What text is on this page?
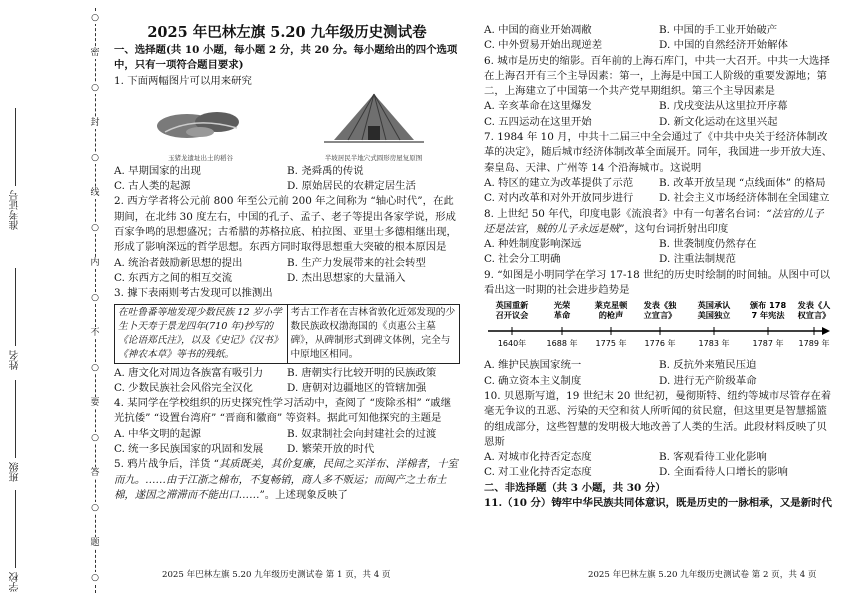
○
密
○
封
○
线
○
内
○
不
○
要
○
答
○
题
○
准考证号
姓名
班级
学校
2025 年巴林左旗 5.20 九年级历史测试卷

一、选择题(共 10 小题，每小题 2 分，共 20 分。每小题给出的四个选项中，只有一项符合题目要求)

1. 下面两幅图片可以用来研究

玉猪龙遗址出土的稻谷	半坡居民半地穴式圆形房屋复原图
A. 早期国家的出现	B. 尧舜禹的传说
C. 古人类的起源	D. 原始居民的农耕定居生活

2. 西方学者将公元前 800 年至公元前 200 年之间称为 “轴心时代”，在此期间，在北纬 30 度左右，中国的孔子、孟子、老子等提出各家学说，形成百家争鸣的思想盛况；古希腊的苏格拉底、柏拉图、亚里士多德相继出现，形成了影响深远的哲学思想。东西方同时取得思想重大突破的根本原因是

A. 统治者鼓励新思想的提出	B. 生产力发展带来的社会转型
C. 东西方之间的相互交流	D. 杰出思想家的大量涌入

3. 據下表兩则考古发现可以推测出

在吐鲁番等地发现少数民族 12 岁小学生卜天寿于景龙四年(710 年)抄写的《论语郑氏注》，以及《史记》《汉书》《神农本草》等书的残纸。	考古工作者在吉林省敦化近郊发现的少数民族政权渤海国的《贞惠公主墓碑》，从碑制形式到碑文体例，完全与中原地区相同。
A. 唐文化对周边各族富有吸引力	B. 唐朝实行比较开明的民族政策
C. 少数民族社会风俗完全汉化	D. 唐朝对边疆地区的管辖加强

4. 某同学在学校组织的历史探究性学习活动中，查阅了 “废除丞相” “戚继光抗倭” “设置台湾府” “晋商和徽商” 等资料。据此可知他探究的主题是

A. 中华文明的起源	B. 奴隶制社会向封建社会的过渡
C. 统一多民族国家的巩固和发展	D. 繁荣开放的时代

5. 鸦片战争后，洋货 “其质既美，其价复廉，民间之买洋布、洋棉者，十室而九。……由于江浙之棉布，不复畅销，商人多不贩运；而闽产之土布土棉，遂因之滞滞而不能出口……”。上述现象反映了

A. 中国的商业开始凋敝	B. 中国的手工业开始破产
C. 中外贸易开始出现逆差	D. 中国的自然经济开始解体

6. 城市是历史的缩影。百年前的上海石库门，中共一大召开。中共一大选择在上海召开有三个主导因素：第一，上海是中国工人阶级的重要发源地；第二，上海建立了中国第一个共产党早期组织。第三个主导因素是

A. 辛亥革命在这里爆发	B. 戊戌变法从这里拉开序幕
C. 五四运动在这里开始	D. 新文化运动在这里兴起

7. 1984 年 10 月，中共十二届三中全会通过了《中共中央关于经济体制改革的决定》，随后城市经济体制改革全面展开。同年，我国进一步开放大连、秦皇岛、天津、广州等 14 个沿海城市。这说明

A. 特区的建立为改革提供了示范	B. 改革开放呈现 “点线面体” 的格局
C. 对内改革和对外开放同步进行	D. 社会主义市场经济体制在全国建立

8. 上世纪 50 年代，印度电影《流浪者》中有一句著名台词：“法官的儿子还是法官，贼的儿子永远是贼”，这句台词折射出印度

A. 种姓制度影响深远	B. 世袭制度仍然存在
C. 社会分工明确	D. 注重法制规范

9. “如图是小明同学在学习 17-18 世纪的历史时绘制的时间轴。从图中可以看出这一时期的社会进步趋势是

英国重新
召开议会
1640年
光荣
革命
1688 年
莱克星顿
的枪声
1775 年
发表《独
立宣言》
1776 年
英国承认
美国独立
1783 年
颁布 178
7 年宪法
1787 年
发表《人
权宣言》
1789 年
A. 维护民族国家统一	B. 反抗外来殖民压迫
C. 确立资本主义制度	D. 进行无产阶级革命

10. 贝恩斯写道，19 世纪末 20 世纪初，曼彻斯特、纽约等城市尽管存在着毫无争议的丑恶、污染的天空和贫人所听闻的贫民窟，但这里更是智慧摇篮的组成部分，这些智慧的发明极大地改善了人类的生活。此段材料反映了贝恩斯

A. 对城市化持否定态度	B. 客观看待工业化影响
C. 对工业化持否定态度	D. 全面看待人口增长的影响

二、非选择题（共 3 小题，共 30 分）

11.（10 分）铸牢中华民族共同体意识，既是历史的一脉相承，又是新时代

2025 年巴林左旗 5.20 九年级历史测试卷 第 1 页，共 4 页	2025 年巴林左旗 5.20 九年级历史测试卷 第 2 页，共 4 页
